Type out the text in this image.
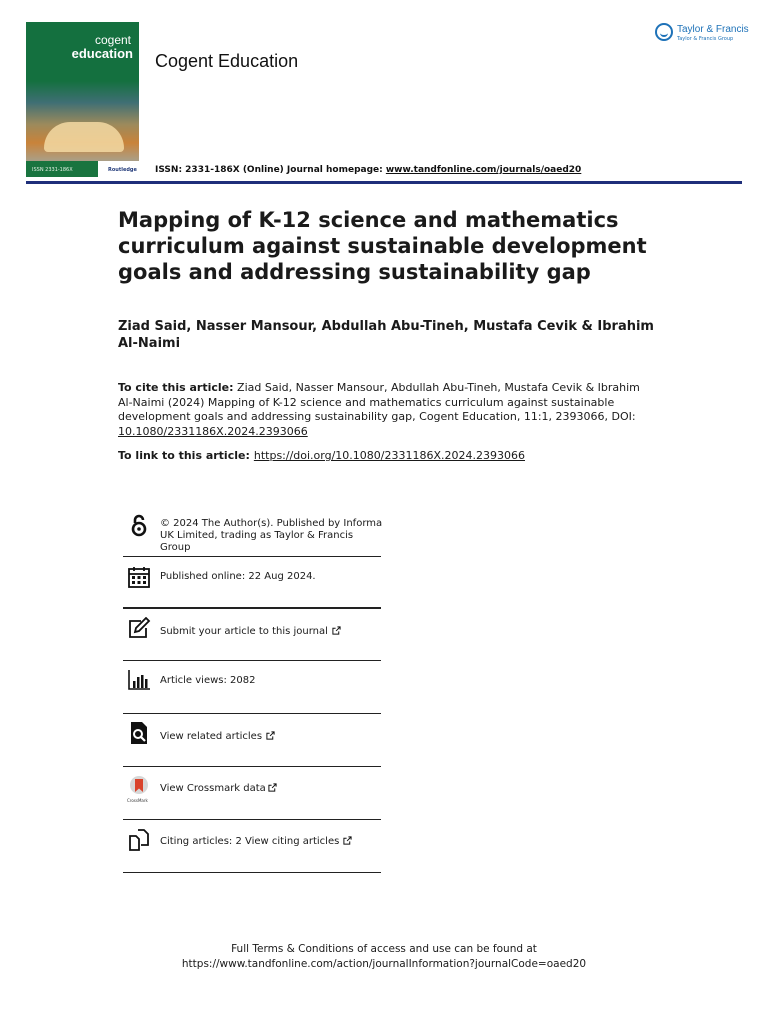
cogent
education
ISSN 2331-186X	Routledge
Cogent Education
Taylor & Francis
Taylor & Francis Group
ISSN: 2331-186X (Online) Journal homepage: www.tandfonline.com/journals/oaed20
Mapping of K-12 science and mathematics curriculum against sustainable development goals and addressing sustainability gap
Ziad Said, Nasser Mansour, Abdullah Abu-Tineh, Mustafa Cevik & Ibrahim Al-Naimi
To cite this article: Ziad Said, Nasser Mansour, Abdullah Abu-Tineh, Mustafa Cevik & Ibrahim Al-Naimi (2024) Mapping of K-12 science and mathematics curriculum against sustainable development goals and addressing sustainability gap, Cogent Education, 11:1, 2393066, DOI: 10.1080/2331186X.2024.2393066
To link to this article: https://doi.org/10.1080/2331186X.2024.2393066
© 2024 The Author(s). Published by Informa UK Limited, trading as Taylor & Francis Group
Published online: 22 Aug 2024.
Submit your article to this journal
Article views: 2082
View related articles
CrossMark
View Crossmark data
Citing articles: 2 View citing articles
Full Terms & Conditions of access and use can be found at
https://www.tandfonline.com/action/journalInformation?journalCode=oaed20
